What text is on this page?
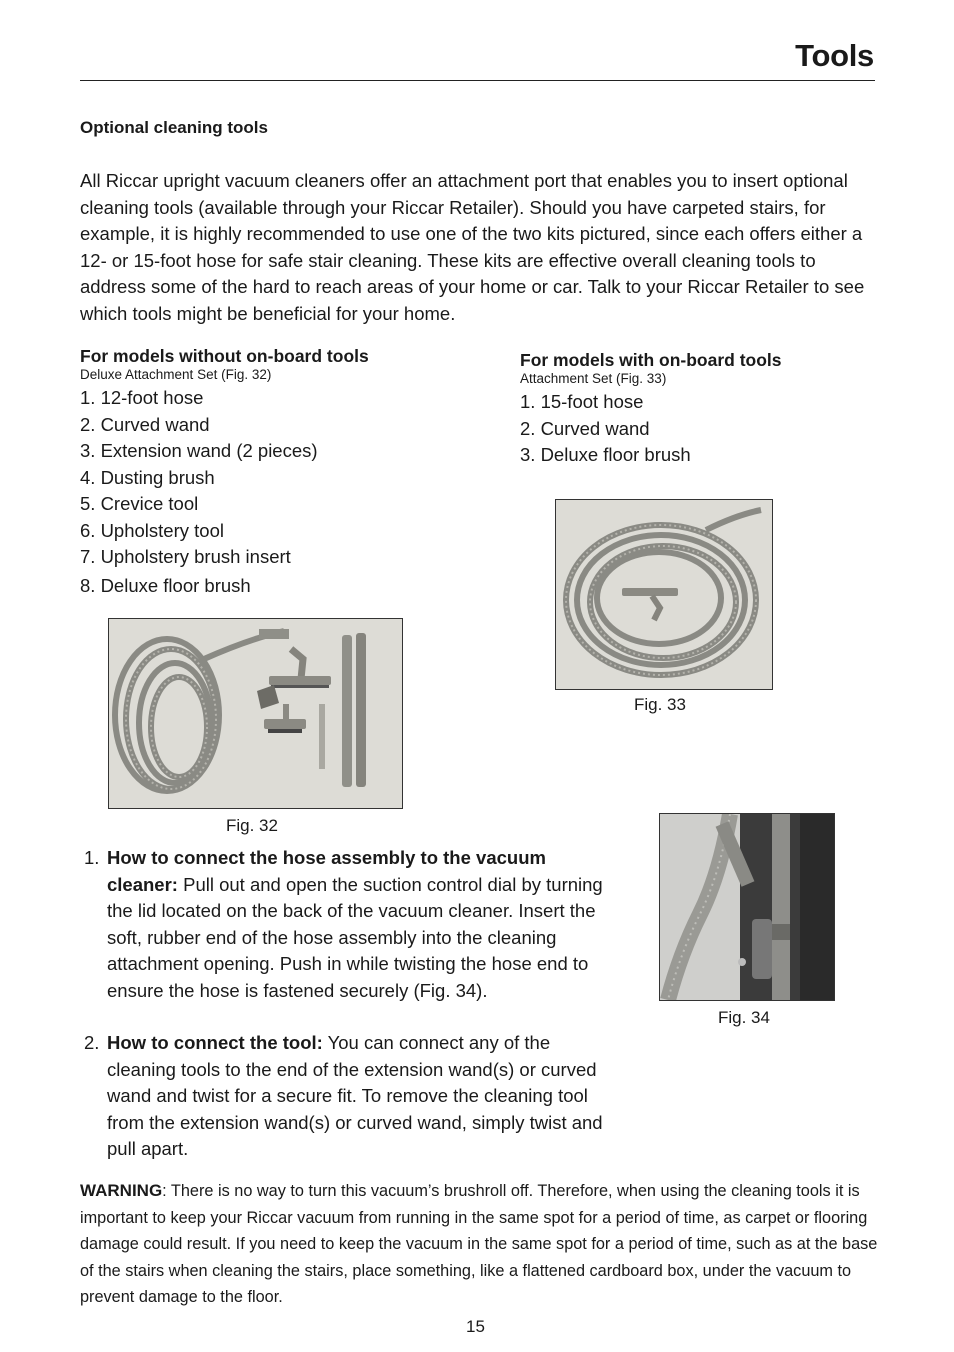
Tools
Optional cleaning tools
All Riccar upright vacuum cleaners offer an attachment port that enables you to insert optional cleaning tools (available through your Riccar Retailer). Should you have carpeted stairs, for example, it is highly recommended to use one of the two kits pictured, since each offers either a 12- or 15-foot hose for safe stair cleaning. These kits are effective overall cleaning tools to address some of the hard to reach areas of your home or car. Talk to your Riccar Retailer to see which tools might be beneficial for your home.
For models without on-board tools
Deluxe Attachment Set (Fig. 32)
1. 12-foot hose
2. Curved wand
3. Extension wand (2 pieces)
4. Dusting brush
5. Crevice tool
6. Upholstery tool
7. Upholstery brush insert
8. Deluxe floor brush
For models with on-board tools
Attachment Set (Fig. 33)
1. 15-foot hose
2. Curved wand
3. Deluxe floor brush
Fig. 32
Fig. 33
Fig. 34
1. How to connect the hose assembly to the vacuum cleaner: Pull out and open the suction control dial by turning the lid located on the back of the vacuum cleaner. Insert the soft, rubber end of the hose assembly into the cleaning attachment opening. Push in while twisting the hose end to ensure the hose is fastened securely (Fig. 34).
2. How to connect the tool: You can connect any of the cleaning tools to the end of the extension wand(s) or curved wand and twist for a secure fit. To remove the cleaning tool from the extension wand(s) or curved wand, simply twist and pull apart.
WARNING: There is no way to turn this vacuum’s brushroll off. Therefore, when using the cleaning tools it is important to keep your Riccar vacuum from running in the same spot for a period of time, as carpet or flooring damage could result. If you need to keep the vacuum in the same spot for a period of time, such as at the base of the stairs when cleaning the stairs, place something, like a flattened cardboard box, under the vacuum to prevent damage to the floor.
15
